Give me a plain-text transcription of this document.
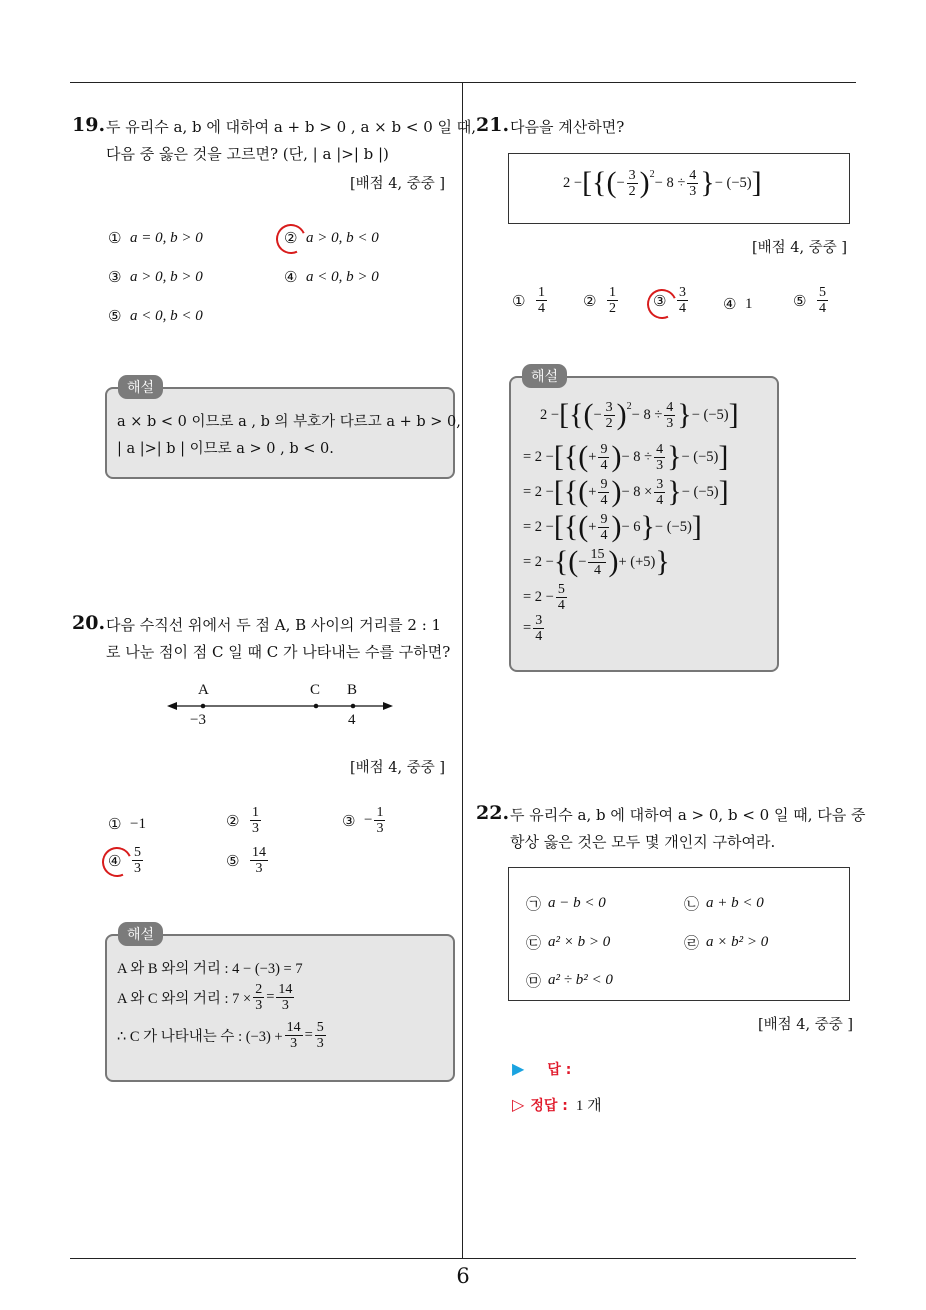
19. 두 유리수 a, b 에 대하여 a + b > 0 , a × b < 0 일 때,
다음 중 옳은 것을 고르면? (단, | a |>| b |)
[배점 4, 중중 ]
① a = 0, b > 0	② a > 0, b < 0
③ a > 0, b > 0	④ a < 0, b > 0
⑤ a < 0, b < 0
해설
a × b < 0 이므로 a , b 의 부호가 다르고 a + b > 0,
| a |>| b | 이므로 a > 0 , b < 0.
20. 다음 수직선 위에서 두 점 A, B 사이의 거리를 2 : 1
로 나눈 점이 점 C 일 때 C 가 나타내는 수를 구하면?
A	C B
−3	4
[배점 4, 중중 ]
① −1	② $\frac{1}{3}$	③ − $\frac{1}{3}$
④ $\frac{5}{3}$	⑤ $\frac{14}{3}$
해설
A 와 B 와의 거리 : 4 − (−3) = 7
A 와 C 와의 거리 : $7 \times \frac{2}{3} = \frac{14}{3}$
∴ C 가 나타내는 수 : $(-3) + \frac{14}{3} = \frac{5}{3}$
21. 다음을 계산하면?
2 − [{( − $\frac{3}{2} )^2$
− $8 \div \frac{4}{3}$ } − (−5) ]
[배점 4, 중중 ]
① $\frac{1}{4}$ ② $\frac{1}{2}$ ③ $\frac{3}{4}$ ④ 1	⑤ $\frac{5}{4}$
해설
2 − [{( − $\frac{3}{2} )^2$
− $8 \div \frac{4}{3}$ } − (−5) ]
= 2 − [{( + $\frac{9}{4}$ ) − $8 \div \frac{4}{3}$ } − (−5) ]
= 2 − [{( + $\frac{9}{4}$ ) − $8 \times \frac{3}{4}$ } − (−5) ]
= 2 − [{( + $\frac{9}{4}$ ) − 6 } − (−5) ]
= 2 − {( − $\frac{15}{4}$ ) + (+5) }
= $2 - \frac{5}{4}$
= $\frac{3}{4}$
22. 두 유리수 a, b 에 대하여 a > 0, b < 0 일 때, 다음 중
항상 옳은 것은 모두 몇 개인지 구하여라.
㉠ a − b < 0	㉡ a + b < 0
㉢ a² × b > 0	㉣ a × b² > 0
㉤ a² ÷ b² < 0
[배점 4, 중중 ]
▶ 답 :
▷ 정답 : 1 개
6
